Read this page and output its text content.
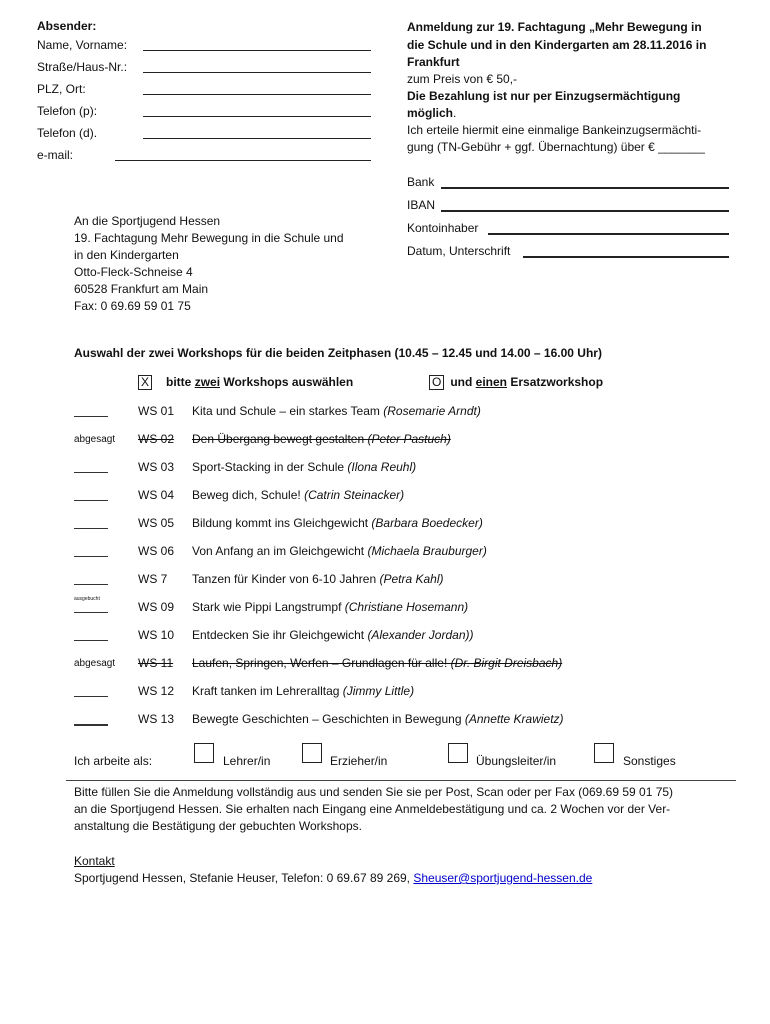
Absender:
Name, Vorname:
Straße/Haus-Nr.:
PLZ, Ort:
Telefon (p):
Telefon (d).
e-mail:
Anmeldung zur 19. Fachtagung „Mehr Bewegung in
die Schule und in den Kindergarten am 28.11.2016 in
Frankfurt
zum Preis von € 50,-
Die Bezahlung ist nur per Einzugsermächtigung
möglich.
Ich erteile hiermit eine einmalige Bankeinzugsermächti-
gung (TN-Gebühr + ggf. Übernachtung) über € _______
Bank
IBAN
Kontoinhaber
Datum, Unterschrift
An die Sportjugend Hessen
19. Fachtagung Mehr Bewegung in die Schule und
in den Kindergarten
Otto-Fleck-Schneise 4
60528 Frankfurt am Main
Fax: 0 69.69 59 01 75
Auswahl der zwei Workshops für die beiden Zeitphasen (10.45 – 12.45 und 14.00 – 16.00 Uhr)
X bitte zwei Workshops auswählen	O und einen Ersatzworkshop
WS 01 Kita und Schule – ein starkes Team (Rosemarie Arndt)
abgesagt WS 02 Den Übergang bewegt gestalten (Peter Pastuch)
WS 03 Sport-Stacking in der Schule (Ilona Reuhl)
WS 04 Beweg dich, Schule! (Catrin Steinacker)
WS 05 Bildung kommt ins Gleichgewicht (Barbara Boedecker)
WS 06 Von Anfang an im Gleichgewicht (Michaela Brauburger)
WS 7 Tanzen für Kinder von 6-10 Jahren (Petra Kahl)
ausgebucht
WS 09 Stark wie Pippi Langstrumpf (Christiane Hosemann)
WS 10 Entdecken Sie ihr Gleichgewicht (Alexander Jordan))
abgesagt WS 11 Laufen, Springen, Werfen – Grundlagen für alle! (Dr. Birgit Dreisbach)
WS 12 Kraft tanken im Lehreralltag (Jimmy Little)
WS 13 Bewegte Geschichten – Geschichten in Bewegung (Annette Krawietz)
Ich arbeite als:	Lehrer/in	Erzieher/in	Übungsleiter/in	Sonstiges
Bitte füllen Sie die Anmeldung vollständig aus und senden Sie sie per Post, Scan oder per Fax (069.69 59 01 75)
an die Sportjugend Hessen. Sie erhalten nach Eingang eine Anmeldebestätigung und ca. 2 Wochen vor der Ver-
anstaltung die Bestätigung der gebuchten Workshops.
Kontakt
Sportjugend Hessen, Stefanie Heuser, Telefon: 0 69.67 89 269, Sheuser@sportjugend-hessen.de
